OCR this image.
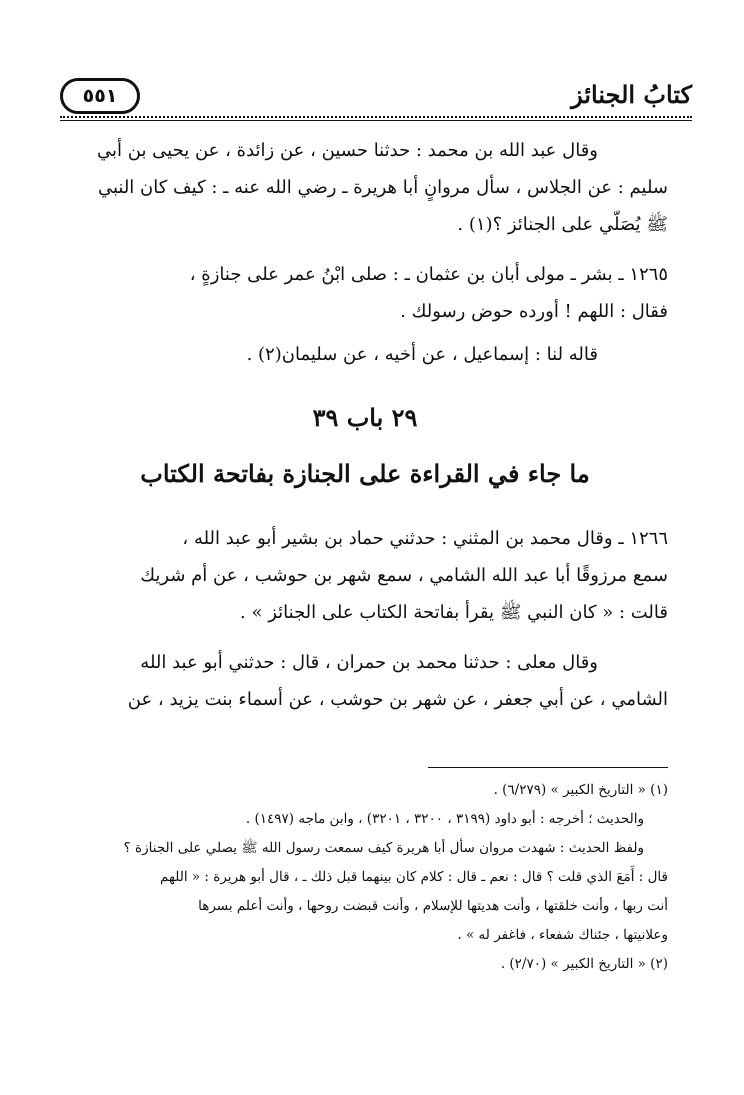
٥٥١	كتابُ الجنائز
وقال عبد الله بن محمد : حدثنا حسين ، عن زائدة ، عن يحيى بن أبي
سليم : عن الجلاس ، سأل مروانٍ أبا هريرة ـ رضي الله عنه ـ : كيف كان النبي
ﷺ يُصَلّي على الجنائز ؟(١) .
١٢٦٥ ـ بشر ـ مولى أبان بن عثمان ـ : صلى ابْنُ عمر على جنازةٍ ،
فقال : اللهم ! أورده حوض رسولك .
قاله لنا : إسماعيل ، عن أخيه ، عن سليمان(٢) .
٢٩ باب ٣٩
ما جاء في القراءة على الجنازة بفاتحة الكتاب
١٢٦٦ ـ وقال محمد بن المثني : حدثني حماد بن بشير أبو عبد الله ،
سمع مرزوقًا أبا عبد الله الشامي ، سمع شهر بن حوشب ، عن أم شريك
قالت : « كان النبي ﷺ يقرأ بفاتحة الكتاب على الجنائز » .
وقال معلى : حدثنا محمد بن حمران ، قال : حدثني أبو عبد الله
الشامي ، عن أبي جعفر ، عن شهر بن حوشب ، عن أسماء بنت يزيد ، عن
(١) « التاريخ الكبير » (٦/٢٧٩) .
والحديث ؛ أخرجه : أبو داود (٣١٩٩ ، ٣٢٠٠ ، ٣٢٠١) ، وابن ماجه (١٤٩٧) .
ولفظ الحديث : شهدت مروان سأل أبا هريرة كيف سمعت رسول الله ﷺ يصلي على الجنازة ؟
قال : أَمَعَ الذي قلت ؟ قال : نعم ـ قال : كلام كان بينهما قبل ذلك ـ ، قال أبو هريرة : « اللهم
أنت ربها ، وأنت خلقتها ، وأنت هديتها للإسلام ، وأنت قبضت روحها ، وأنت أعلم بسرها
وعلانيتها ، جئناك شفعاء ، فاغفر له » .
(٢) « التاريخ الكبير » (٢/٧٠) .
